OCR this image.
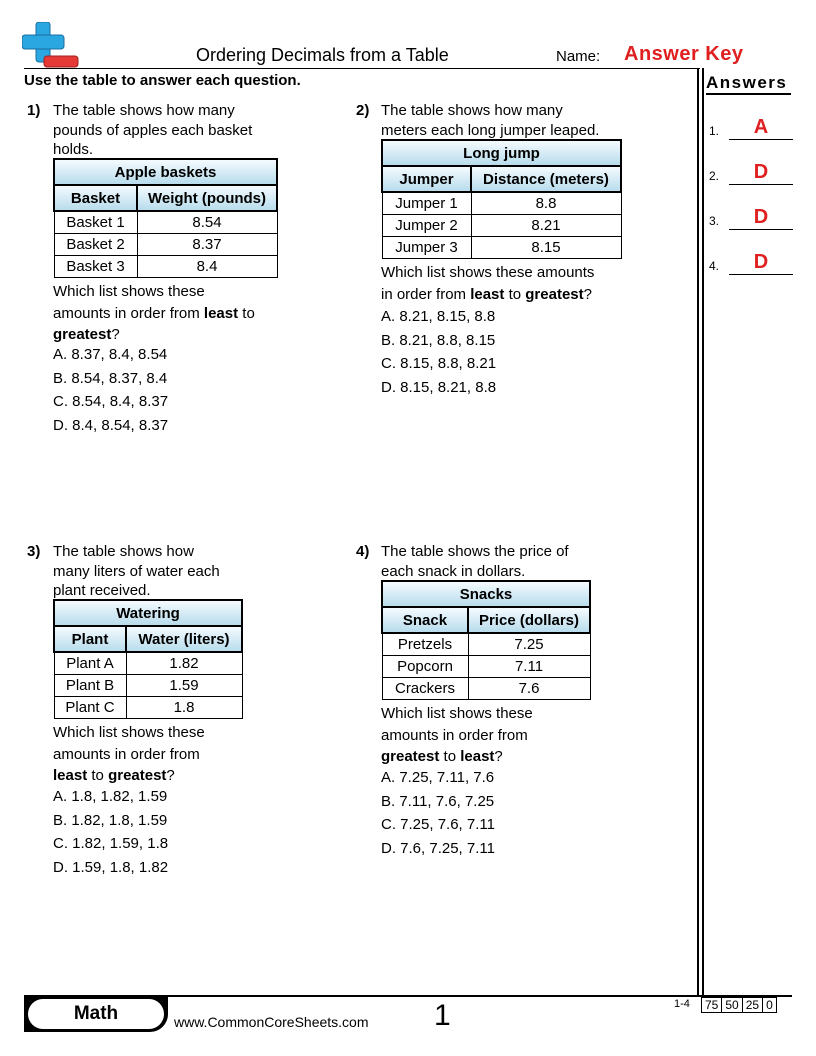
Ordering Decimals from a Table	Name: Answer Key
Use the table to answer each question.	Answers
1.	A
2.	D
3.	D
4.	D
1) The table shows how many
pounds of apples each basket
holds.
Apple baskets	
Basket	Weight (pounds)
Basket 1	8.54
Basket 2	8.37
Basket 3	8.4
Which list shows these
amounts in order from least to
greatest?
A. 8.37, 8.4, 8.54
B. 8.54, 8.37, 8.4
C. 8.54, 8.4, 8.37
D. 8.4, 8.54, 8.37
2) The table shows how many
meters each long jumper leaped.
Long jump	
Jumper	Distance (meters)
Jumper 1	8.8
Jumper 2	8.21
Jumper 3	8.15
Which list shows these amounts
in order from least to greatest?
A. 8.21, 8.15, 8.8
B. 8.21, 8.8, 8.15
C. 8.15, 8.8, 8.21
D. 8.15, 8.21, 8.8
3) The table shows how
many liters of water each
plant received.
Watering	
Plant	Water (liters)
Plant A	1.82
Plant B	1.59
Plant C	1.8
Which list shows these
amounts in order from
least to greatest?
A. 1.8, 1.82, 1.59
B. 1.82, 1.8, 1.59
C. 1.82, 1.59, 1.8
D. 1.59, 1.8, 1.82
4) The table shows the price of
each snack in dollars.
Snacks	
Snack	Price (dollars)
Pretzels	7.25
Popcorn	7.11
Crackers	7.6
Which list shows these
amounts in order from
greatest to least?
A. 7.25, 7.11, 7.6
B. 7.11, 7.6, 7.25
C. 7.25, 7.6, 7.11
D. 7.6, 7.25, 7.11
Math	www.CommonCoreSheets.com 1	1-4 75	50	25	0
